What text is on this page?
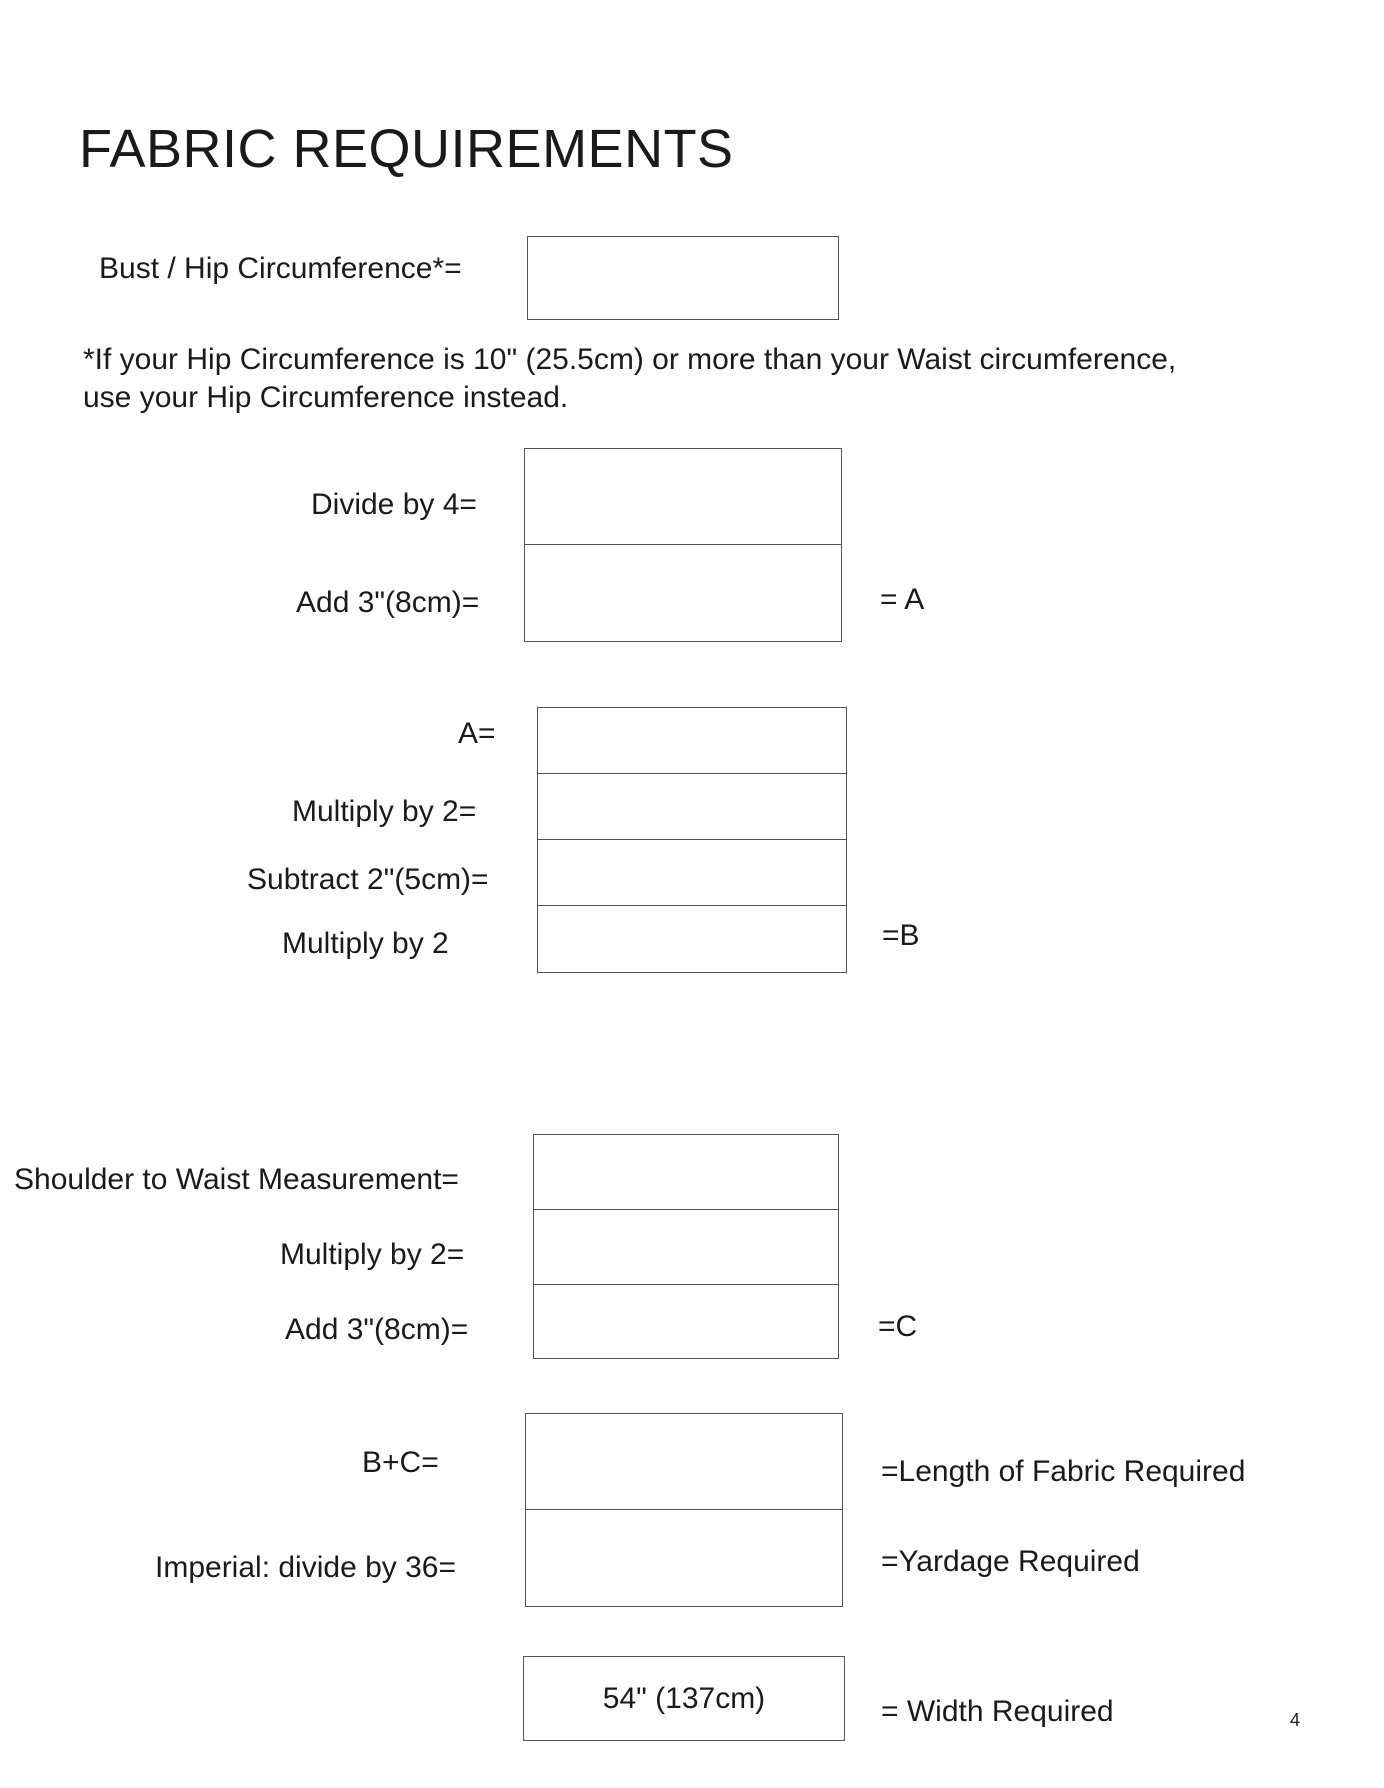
FABRIC REQUIREMENTS
Bust / Hip Circumference*=
*If your Hip Circumference is 10" (25.5cm) or more than your Waist circumference,
use your Hip Circumference instead.
Divide by 4=
Add 3"(8cm)=	= A
A=
Multiply by 2=
Subtract 2"(5cm)=
Multiply by 2	=B
Shoulder to Waist Measurement=
Multiply by 2=
Add 3"(8cm)=	=C
B+C=	=Length of Fabric Required
Imperial: divide by 36=	=Yardage Required
54" (137cm)	= Width Required	4
